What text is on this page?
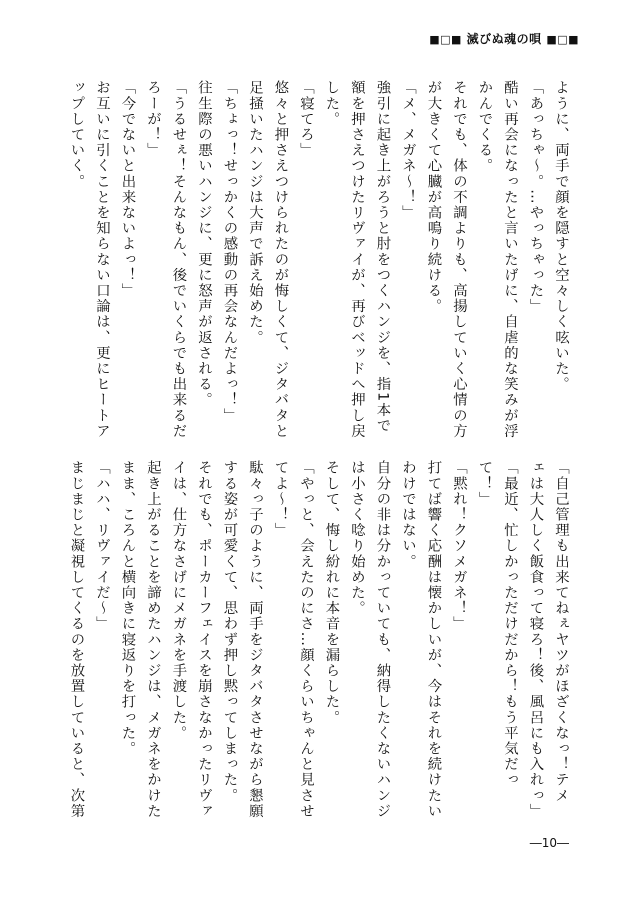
■□■ 滅びぬ魂の唄 ■□■
ように、両手で顔を隠すと空々しく呟いた。
「あっちゃ〜。…やっちゃった」
酷い再会になったと言いたげに、自虐的な笑みが浮
かんでくる。
それでも、体の不調よりも、高揚していく心情の方
が大きくて心臓が高鳴り続ける。
「メ、メガネ〜！」
強引に起き上がろうと肘をつくハンジを、指1本で
額を押さえつけたリヴァイが、再びベッドへ押し戻
した。
「寝てろ」
悠々と押さえつけられたのが悔しくて、ジタバタと
足掻いたハンジは大声で訴え始めた。
「ちょっ！せっかくの感動の再会なんだよっ！」
往生際の悪いハンジに、更に怒声が返される。
「うるせぇ！そんなもん、後でいくらでも出来るだ
ろーが！」
「今でないと出来ないよっ！」
お互いに引くことを知らない口論は、更にヒートア
ップしていく。
「自己管理も出来てねぇヤツがほざくなっ！テメ
ェは大人しく飯食って寝ろ！後、風呂にも入れっ」
「最近、忙しかっただけだから！もう平気だっ
て！」
「黙れ！クソメガネ！」
打てば響く応酬は懐かしいが、今はそれを続けたい
わけではない。
自分の非は分かっていても、納得したくないハンジ
は小さく唸り始めた。
そして、悔し紛れに本音を漏らした。
「やっと、会えたのにさ…顔くらいちゃんと見させ
てよ〜！」
駄々っ子のように、両手をジタバタさせながら懇願
する姿が可愛くて、思わず押し黙ってしまった。
それでも、ポーカーフェイスを崩さなかったリヴァ
イは、仕方なさげにメガネを手渡した。
起き上がることを諦めたハンジは、メガネをかけた
まま、ころんと横向きに寝返りを打った。
「ハハ、リヴァイだ〜」
まじまじと凝視してくるのを放置していると、次第
―10―
